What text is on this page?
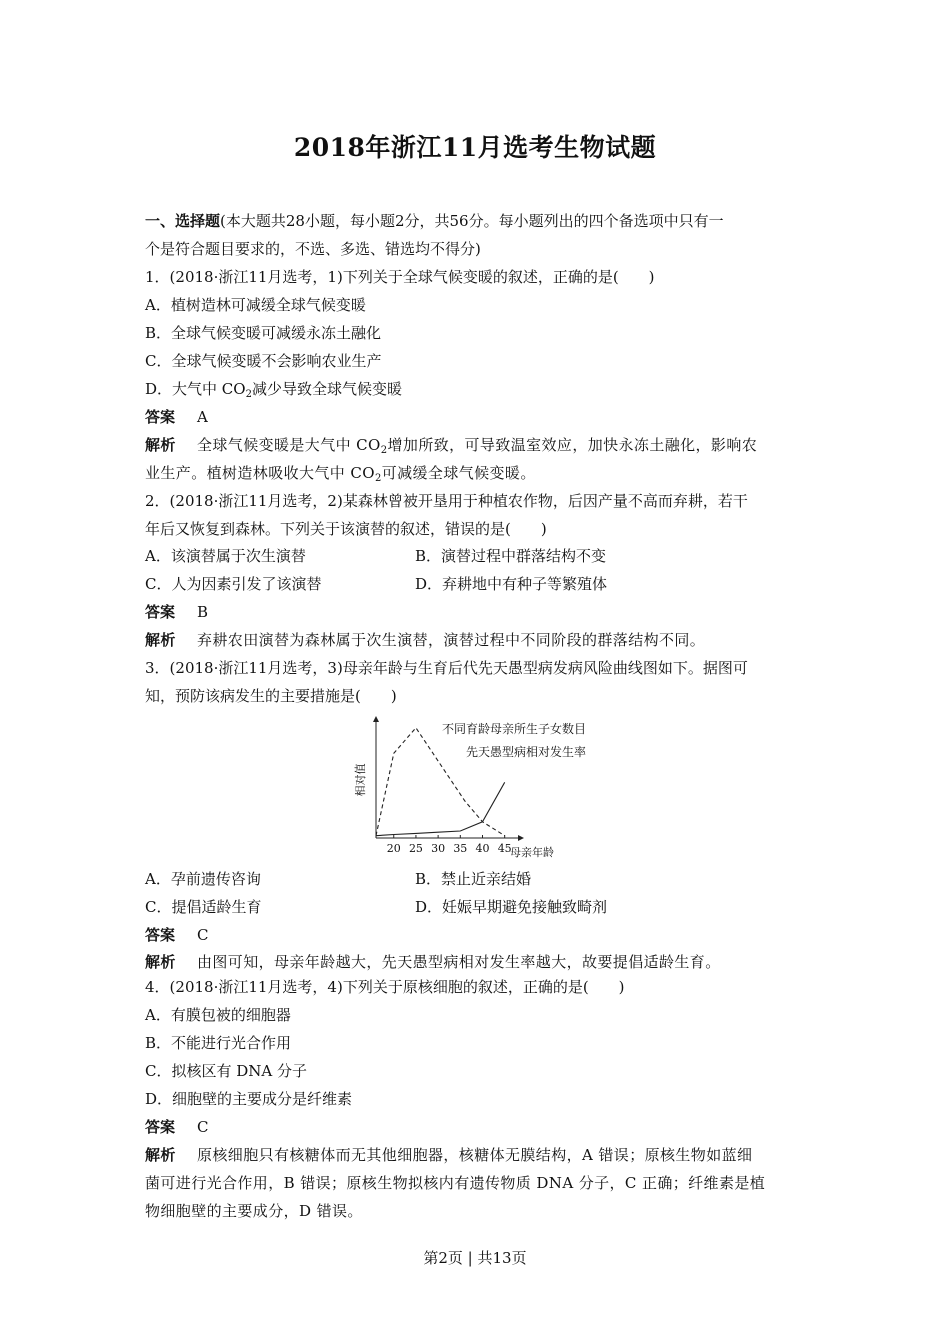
2018年浙江11月选考生物试题
一、选择题(本大题共28小题，每小题2分，共56分。每小题列出的四个备选项中只有一
个是符合题目要求的，不选、多选、错选均不得分)
1．(2018·浙江11月选考，1)下列关于全球气候变暖的叙述，正确的是(　　)
A．植树造林可减缓全球气候变暖
B．全球气候变暖可减缓永冻土融化
C．全球气候变暖不会影响农业生产
D．大气中 $CO_2$减少导致全球气候变暖
答案 A
解析 全球气候变暖是大气中 $CO_2$增加所致，可导致温室效应，加快永冻土融化，影响农
业生产。植树造林吸收大气中 $CO_2$可减缓全球气候变暖。
2．(2018·浙江11月选考，2)某森林曾被开垦用于种植农作物，后因产量不高而弃耕，若干
年后又恢复到森林。下列关于该演替的叙述，错误的是(　　)
A．该演替属于次生演替	B．演替过程中群落结构不变
C．人为因素引发了该演替	D．弃耕地中有种子等繁殖体
答案 B
解析 弃耕农田演替为森林属于次生演替，演替过程中不同阶段的群落结构不同。
3．(2018·浙江11月选考，3)母亲年龄与生育后代先天愚型病发病风险曲线图如下。据图可
知，预防该病发生的主要措施是(　　)
20 25 30 35 40 45
母亲年龄
相对值
不同育龄母亲所生子女数目
先天愚型病相对发生率
A．孕前遗传咨询	B．禁止近亲结婚
C．提倡适龄生育	D．妊娠早期避免接触致畸剂
答案 C
解析 由图可知，母亲年龄越大，先天愚型病相对发生率越大，故要提倡适龄生育。
4．(2018·浙江11月选考，4)下列关于原核细胞的叙述，正确的是(　　)
A．有膜包被的细胞器
B．不能进行光合作用
C．拟核区有 DNA 分子
D．细胞壁的主要成分是纤维素
答案 C
解析 原核细胞只有核糖体而无其他细胞器，核糖体无膜结构，A 错误；原核生物如蓝细
菌可进行光合作用，B 错误；原核生物拟核内有遗传物质 DNA 分子，C 正确；纤维素是植
物细胞壁的主要成分，D 错误。
第2页 | 共13页
